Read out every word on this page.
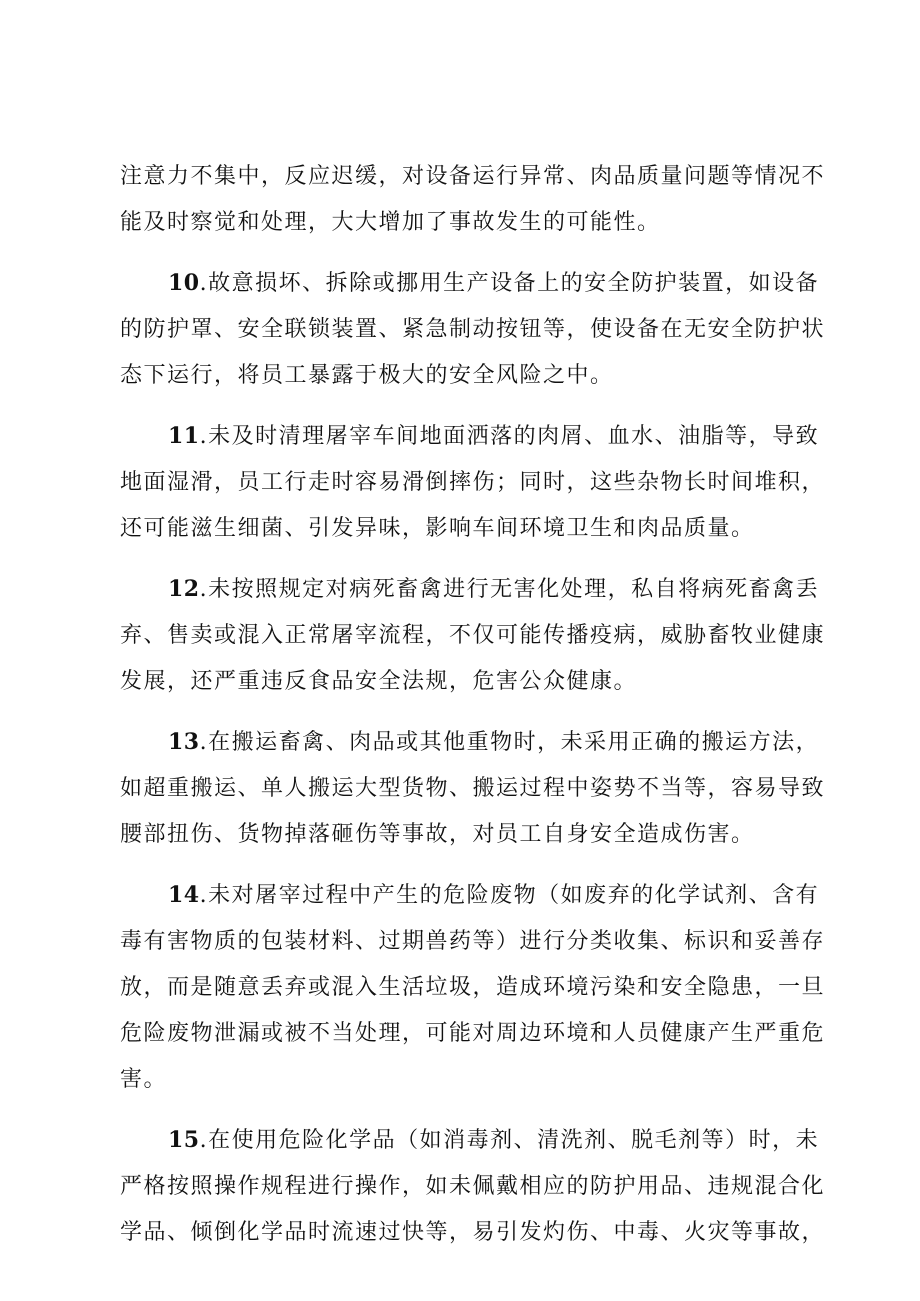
注意力不集中，反应迟缓，对设备运行异常、肉品质量问题等情况不
能及时察觉和处理，大大增加了事故发生的可能性。
10.故意损坏、拆除或挪用生产设备上的安全防护装置，如设备
的防护罩、安全联锁装置、紧急制动按钮等，使设备在无安全防护状
态下运行，将员工暴露于极大的安全风险之中。
11.未及时清理屠宰车间地面洒落的肉屑、血水、油脂等，导致
地面湿滑，员工行走时容易滑倒摔伤；同时，这些杂物长时间堆积，
还可能滋生细菌、引发异味，影响车间环境卫生和肉品质量。
12.未按照规定对病死畜禽进行无害化处理，私自将病死畜禽丢
弃、售卖或混入正常屠宰流程，不仅可能传播疫病，威胁畜牧业健康
发展，还严重违反食品安全法规，危害公众健康。
13.在搬运畜禽、肉品或其他重物时，未采用正确的搬运方法，
如超重搬运、单人搬运大型货物、搬运过程中姿势不当等，容易导致
腰部扭伤、货物掉落砸伤等事故，对员工自身安全造成伤害。
14.未对屠宰过程中产生的危险废物（如废弃的化学试剂、含有
毒有害物质的包装材料、过期兽药等）进行分类收集、标识和妥善存
放，而是随意丢弃或混入生活垃圾，造成环境污染和安全隐患，一旦
危险废物泄漏或被不当处理，可能对周边环境和人员健康产生严重危
害。
15.在使用危险化学品（如消毒剂、清洗剂、脱毛剂等）时，未
严格按照操作规程进行操作，如未佩戴相应的防护用品、违规混合化
学品、倾倒化学品时流速过快等，易引发灼伤、中毒、火灾等事故，
